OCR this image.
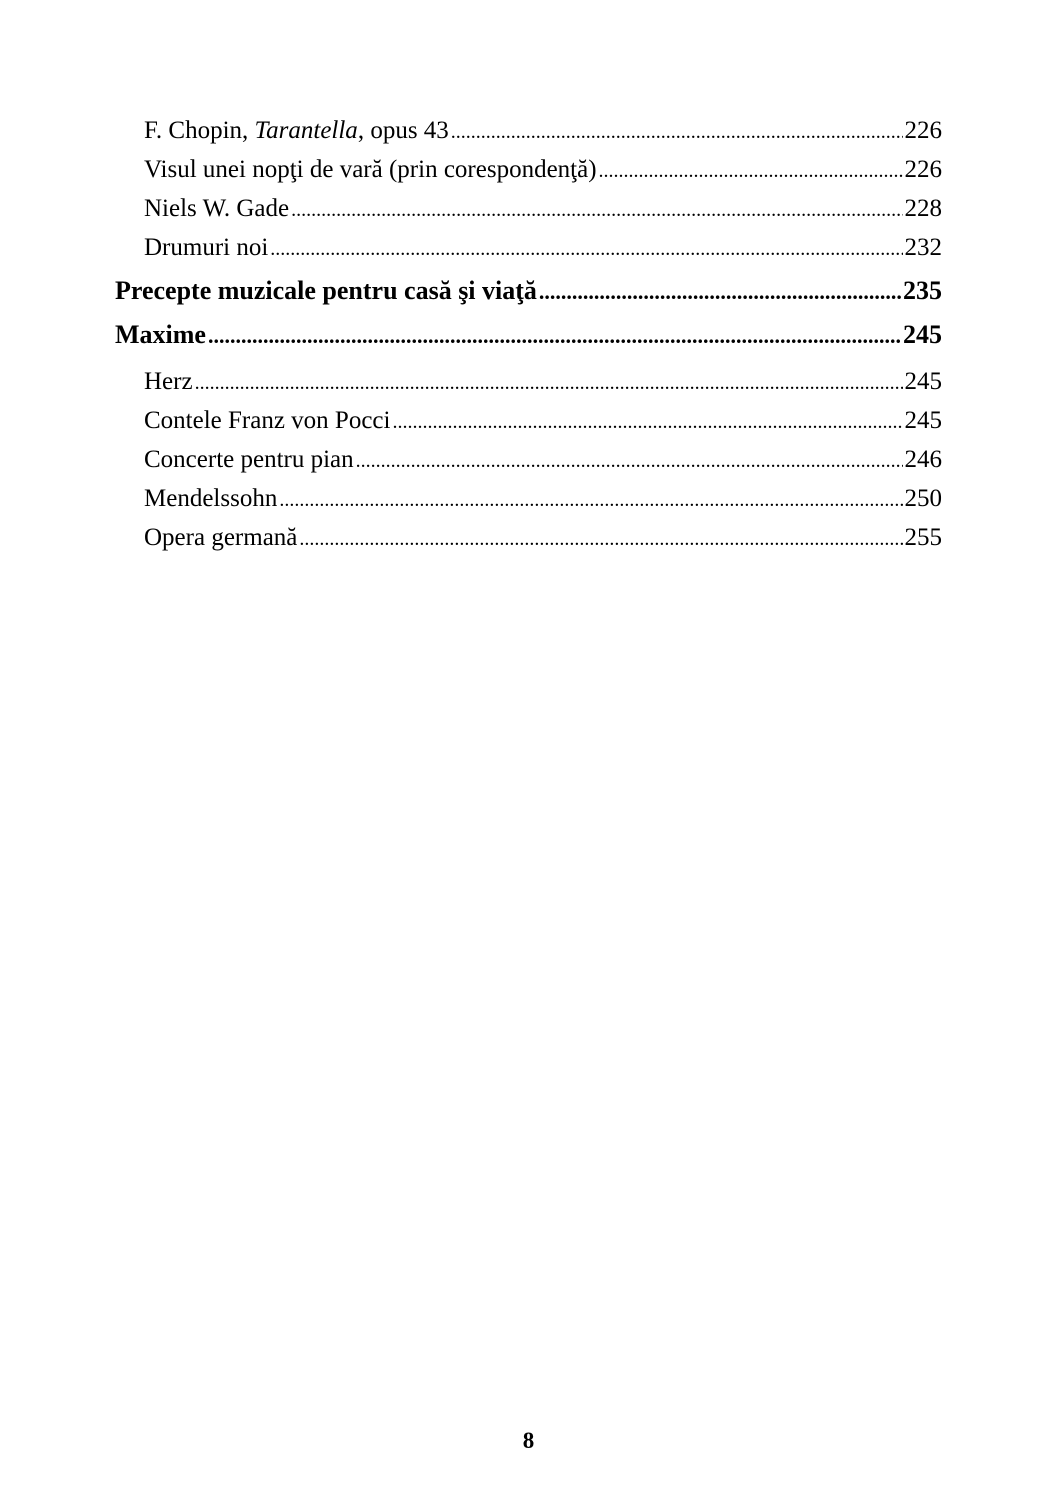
F. Chopin, Tarantella, opus 43 .....	226
Visul unei nopţi de vară (prin corespondenţă) .....	226
Niels W. Gade .....	228
Drumuri noi .....	232
Precepte muzicale pentru casă şi viaţă .....	235
Maxime .....	245
Herz .....	245
Contele Franz von Pocci .....	245
Concerte pentru pian .....	246
Mendelssohn .....	250
Opera germană .....	255
8
